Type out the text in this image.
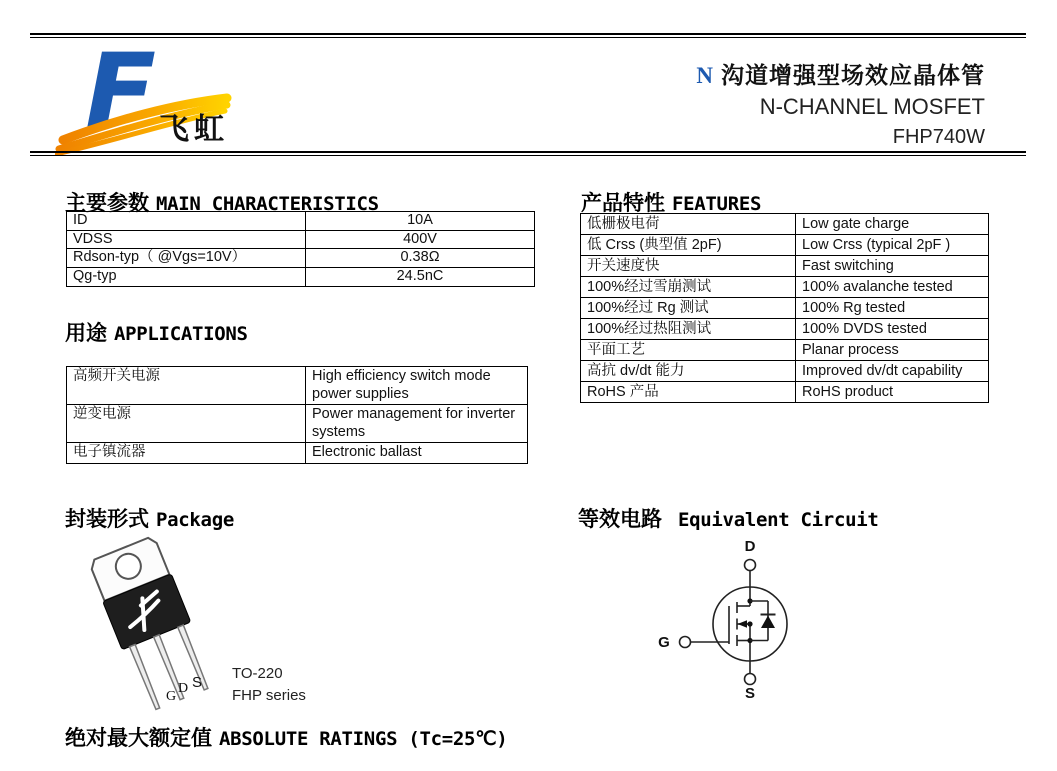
F 飞虹
N 沟道增强型场效应晶体管
N-CHANNEL MOSFET
FHP740W
主要参数 MAIN CHARACTERISTICS
ID	10A
VDSS	400V
Rdson-typ（ @Vgs=10V）	0.38Ω
Qg-typ	24.5nC
产品特性 FEATURES
低栅极电荷	Low gate charge
低 Crss (典型值 2pF)	Low Crss (typical 2pF )
开关速度快	Fast switching
100%经过雪崩测试	100% avalanche tested
100%经过 Rg 测试	100% Rg tested
100%经过热阻测试	100% DVDS tested
平面工艺	Planar process
高抗 dv/dt 能力	Improved dv/dt capability
RoHS 产品	RoHS product
用途 APPLICATIONS
高频开关电源	High efficiency switch mode power supplies
逆变电源	Power management for inverter systems
电子镇流器	Electronic ballast
封装形式 Package
G
D S
TO-220
FHP series
等效电路 Equivalent Circuit
D
G
S
绝对最大额定值 ABSOLUTE RATINGS (Tc=25℃)
